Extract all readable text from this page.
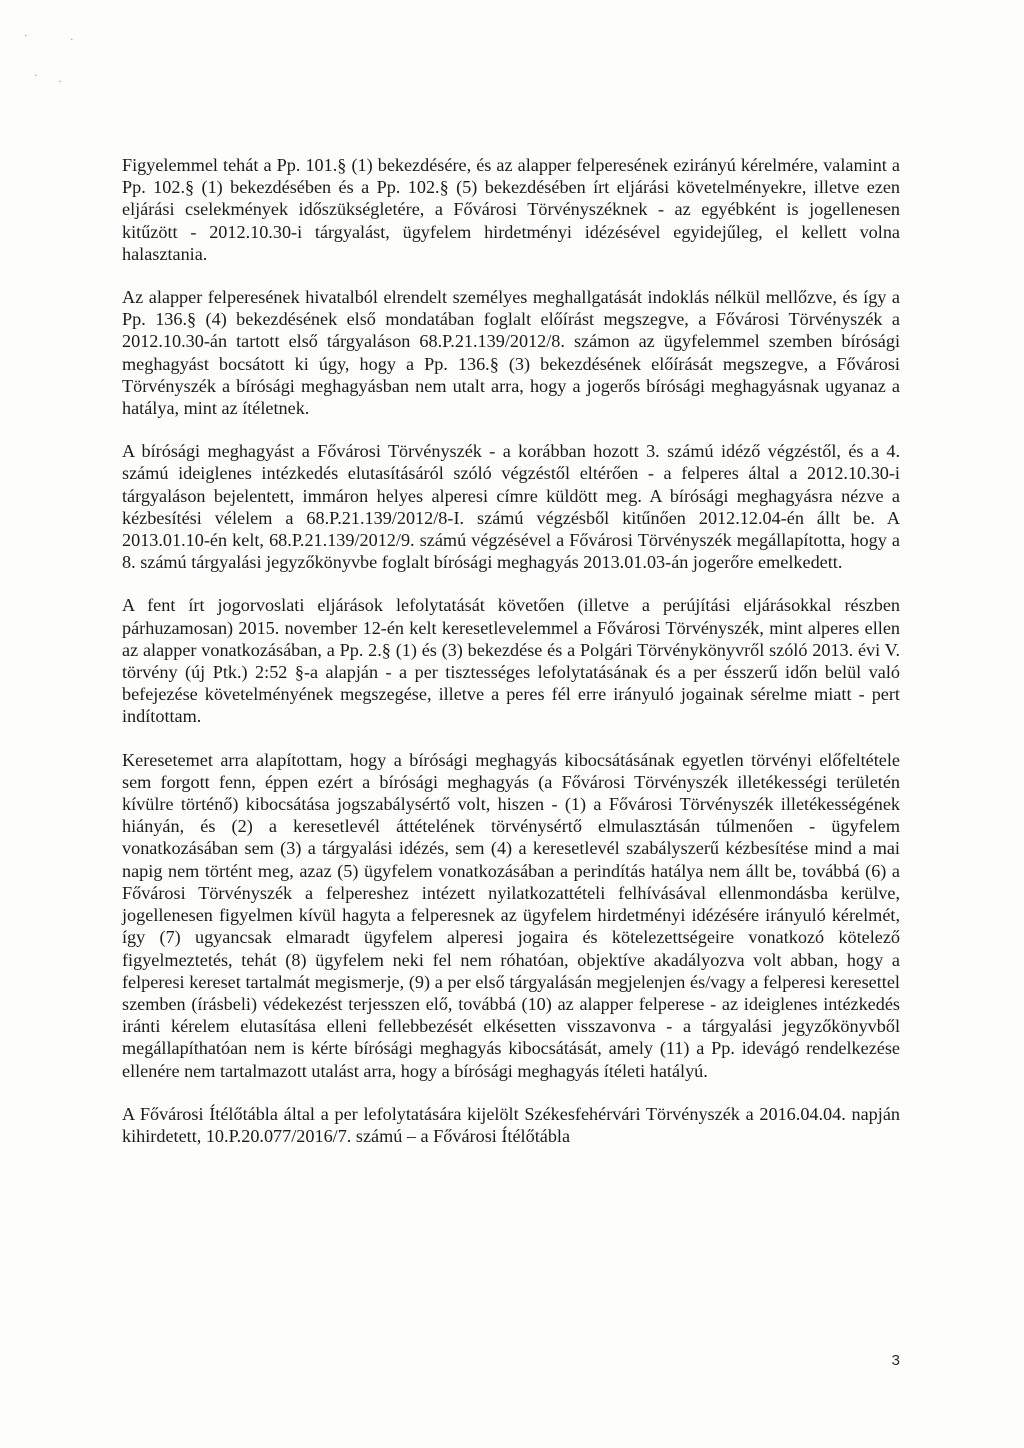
·	·
· ·

Figyelemmel tehát a Pp. 101.§ (1) bekezdésére, és az alapper felperesének ezirányú kérelmére, valamint a Pp. 102.§ (1) bekezdésében és a Pp. 102.§ (5) bekezdésében írt eljárási követelményekre, illetve ezen eljárási cselekmények időszükségletére, a Fővárosi Törvényszéknek - az egyébként is jogellenesen kitűzött - 2012.10.30-i tárgyalást, ügyfelem hirdetményi idézésével egyidejűleg, el kellett volna halasztania.

Az alapper felperesének hivatalból elrendelt személyes meghallgatását indoklás nélkül mellőzve, és így a Pp. 136.§ (4) bekezdésének első mondatában foglalt előírást megszegve, a Fővárosi Törvényszék a 2012.10.30-án tartott első tárgyaláson 68.P.21.139/2012/8. számon az ügyfelemmel szemben bírósági meghagyást bocsátott ki úgy, hogy a Pp. 136.§ (3) bekezdésének előírását megszegve, a Fővárosi Törvényszék a bírósági meghagyásban nem utalt arra, hogy a jogerős bírósági meghagyásnak ugyanaz a hatálya, mint az ítéletnek.

A bírósági meghagyást a Fővárosi Törvényszék - a korábban hozott 3. számú idéző végzéstől, és a 4. számú ideiglenes intézkedés elutasításáról szóló végzéstől eltérően - a felperes által a 2012.10.30-i tárgyaláson bejelentett, immáron helyes alperesi címre küldött meg. A bírósági meghagyásra nézve a kézbesítési vélelem a 68.P.21.139/2012/8-I. számú végzésből kitűnően 2012.12.04-én állt be. A 2013.01.10-én kelt, 68.P.21.139/2012/9. számú végzésével a Fővárosi Törvényszék megállapította, hogy a 8. számú tárgyalási jegyzőkönyvbe foglalt bírósági meghagyás 2013.01.03-án jogerőre emelkedett.

A fent írt jogorvoslati eljárások lefolytatását követően (illetve a perújítási eljárásokkal részben párhuzamosan) 2015. november 12-én kelt keresetlevelemmel a Fővárosi Törvényszék, mint alperes ellen az alapper vonatkozásában, a Pp. 2.§ (1) és (3) bekezdése és a Polgári Törvénykönyvről szóló 2013. évi V. törvény (új Ptk.) 2:52 §-a alapján - a per tisztességes lefolytatásának és a per ésszerű időn belül való befejezése követelményének megszegése, illetve a peres fél erre irányuló jogainak sérelme miatt - pert indítottam.

Keresetemet arra alapítottam, hogy a bírósági meghagyás kibocsátásának egyetlen törvényi előfeltétele sem forgott fenn, éppen ezért a bírósági meghagyás (a Fővárosi Törvényszék illetékességi területén kívülre történő) kibocsátása jogszabálysértő volt, hiszen - (1) a Fővárosi Törvényszék illetékességének hiányán, és (2) a keresetlevél áttételének törvénysértő elmulasztásán túlmenően - ügyfelem vonatkozásában sem (3) a tárgyalási idézés, sem (4) a keresetlevél szabályszerű kézbesítése mind a mai napig nem történt meg, azaz (5) ügyfelem vonatkozásában a perindítás hatálya nem állt be, továbbá (6) a Fővárosi Törvényszék a felpereshez intézett nyilatkozattételi felhívásával ellenmondásba kerülve, jogellenesen figyelmen kívül hagyta a felperesnek az ügyfelem hirdetményi idézésére irányuló kérelmét, így (7) ugyancsak elmaradt ügyfelem alperesi jogaira és kötelezettségeire vonatkozó kötelező figyelmeztetés, tehát (8) ügyfelem neki fel nem róhatóan, objektíve akadályozva volt abban, hogy a felperesi kereset tartalmát megismerje, (9) a per első tárgyalásán megjelenjen és/vagy a felperesi keresettel szemben (írásbeli) védekezést terjesszen elő, továbbá (10) az alapper felperese - az ideiglenes intézkedés iránti kérelem elutasítása elleni fellebbezését elkésetten visszavonva - a tárgyalási jegyzőkönyvből megállapíthatóan nem is kérte bírósági meghagyás kibocsátását, amely (11) a Pp. idevágó rendelkezése ellenére nem tartalmazott utalást arra, hogy a bírósági meghagyás ítéleti hatályú.

A Fővárosi Ítélőtábla által a per lefolytatására kijelölt Székesfehérvári Törvényszék a 2016.04.04. napján kihirdetett, 10.P.20.077/2016/7. számú – a Fővárosi Ítélőtábla

3
